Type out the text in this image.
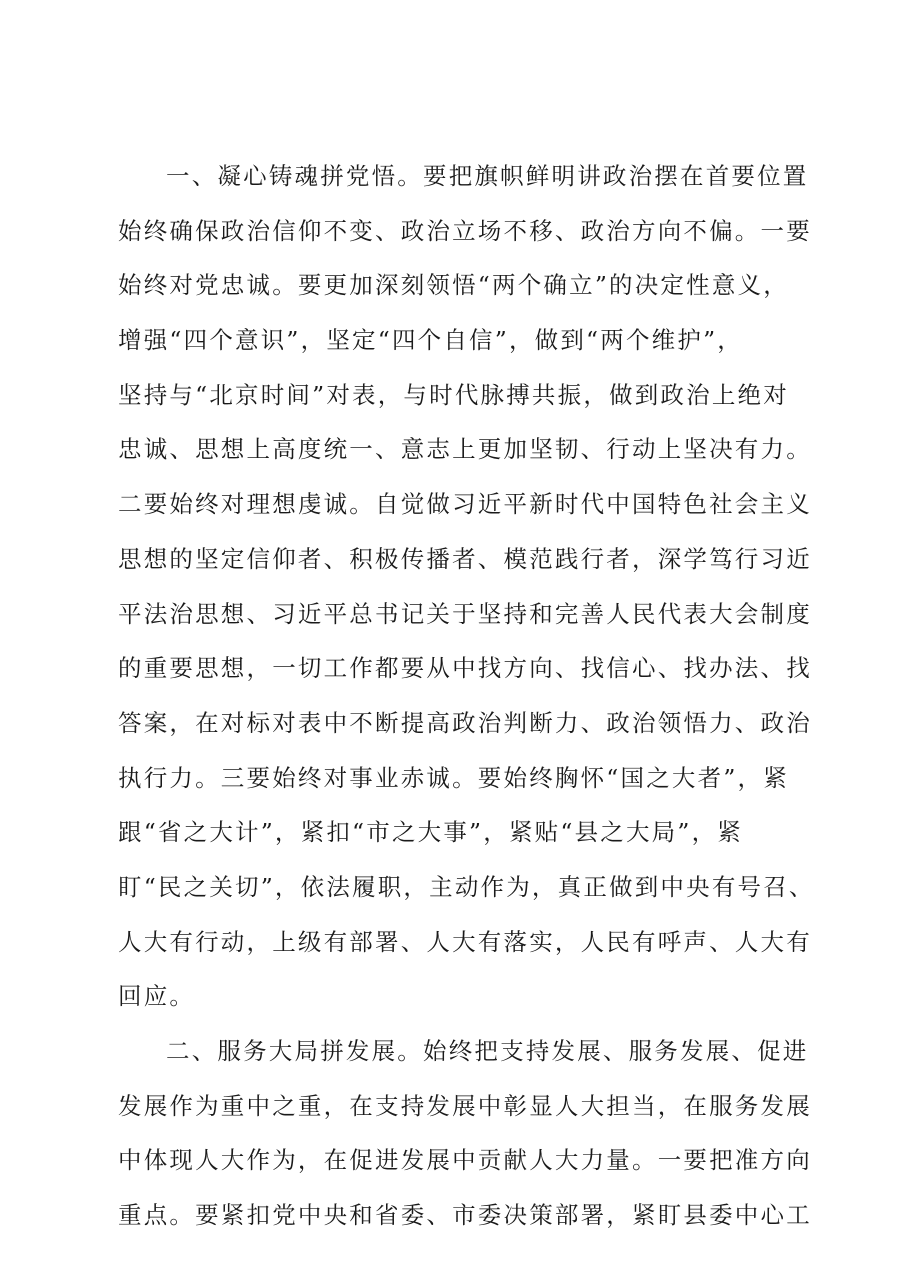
一、凝心铸魂拼党悟。要把旗帜鲜明讲政治摆在首要位置
始终确保政治信仰不变、政治立场不移、政治方向不偏。一要
始终对党忠诚。要更加深刻领悟“两个确立”的决定性意义，
增强“四个意识”，坚定“四个自信”，做到“两个维护”，
坚持与“北京时间”对表，与时代脉搏共振，做到政治上绝对
忠诚、思想上高度统一、意志上更加坚韧、行动上坚决有力。
二要始终对理想虔诚。自觉做习近平新时代中国特色社会主义
思想的坚定信仰者、积极传播者、模范践行者，深学笃行习近
平法治思想、习近平总书记关于坚持和完善人民代表大会制度
的重要思想，一切工作都要从中找方向、找信心、找办法、找
答案，在对标对表中不断提高政治判断力、政治领悟力、政治
执行力。三要始终对事业赤诚。要始终胸怀“国之大者”，紧
跟“省之大计”，紧扣“市之大事”，紧贴“县之大局”，紧
盯“民之关切”，依法履职，主动作为，真正做到中央有号召、
人大有行动，上级有部署、人大有落实，人民有呼声、人大有
回应。
二、服务大局拼发展。始终把支持发展、服务发展、促进
发展作为重中之重，在支持发展中彰显人大担当，在服务发展
中体现人大作为，在促进发展中贡献人大力量。一要把准方向
重点。要紧扣党中央和省委、市委决策部署，紧盯县委中心工
